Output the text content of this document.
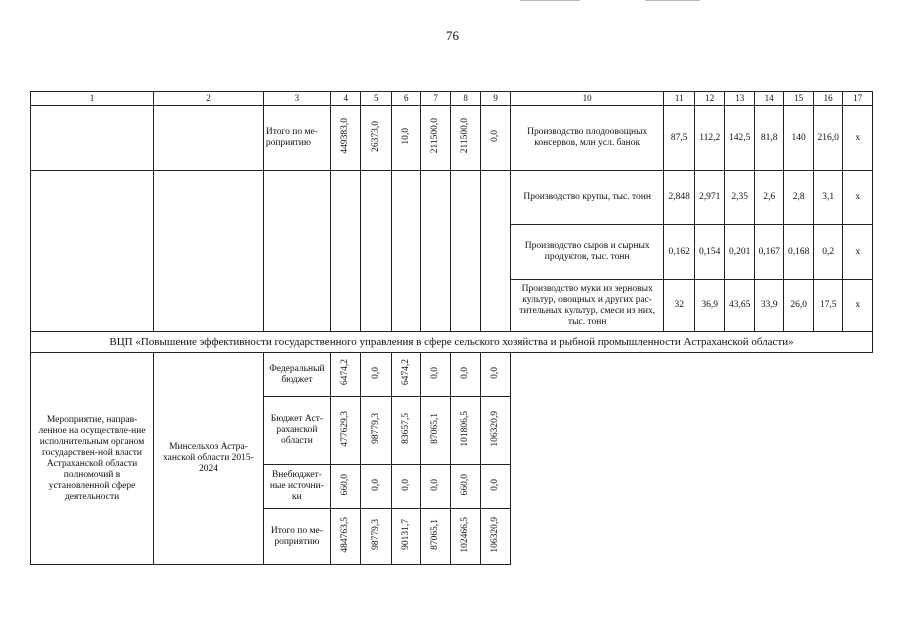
76
1	2	3	4	5	6	7	8	9	10	11	12	13	14	15	16	17
		Итого по ме-роприятию	449383,0	26373,0	10,0	211500,0	211500,0	0,0	Производство плодоовощных консервов, млн усл. банок	87,5	112,2	142,5	81,8	140	216,0	x
									Производство крупы, тыс. тонн	2,848	2,971	2,35	2,6	2,8	3,1	x
									Производство сыров и сырных продуктов, тыс. тонн	0,162	0,154	0,201	0,167	0,168	0,2	x
									Производство муки из зерновых культур, овощных и других рас-тительных культур, смеси из них, тыс. тонн	32	36,9	43,65	33,9	26,0	17,5	x
ВЦП «Повышение эффективности государственного управления в сфере сельского хозяйства и рыбной промышленности Астраханской области»																
Мероприятие, направ-ленное на осуществле-ние исполнительным органом государствен-ной власти Астраханской области полномочий в установленной сфере деятельности	Минсельхоз Астра-ханской области 2015-2024	Федеральный бюджет	6474,2	0,0	6474,2	0,0	0,0	0,0								
		Бюджет Аст-раханской области	477629,3	98779,3	83657,5	87065,1	101806,5	106320,9								
		Внебюджет-ные источни-ки	660,0	0,0	0,0	0,0	660,0	0,0								
		Итого по ме-роприятию	484763,5	98779,3	90131,7	87065,1	102466,5	106320,9								
